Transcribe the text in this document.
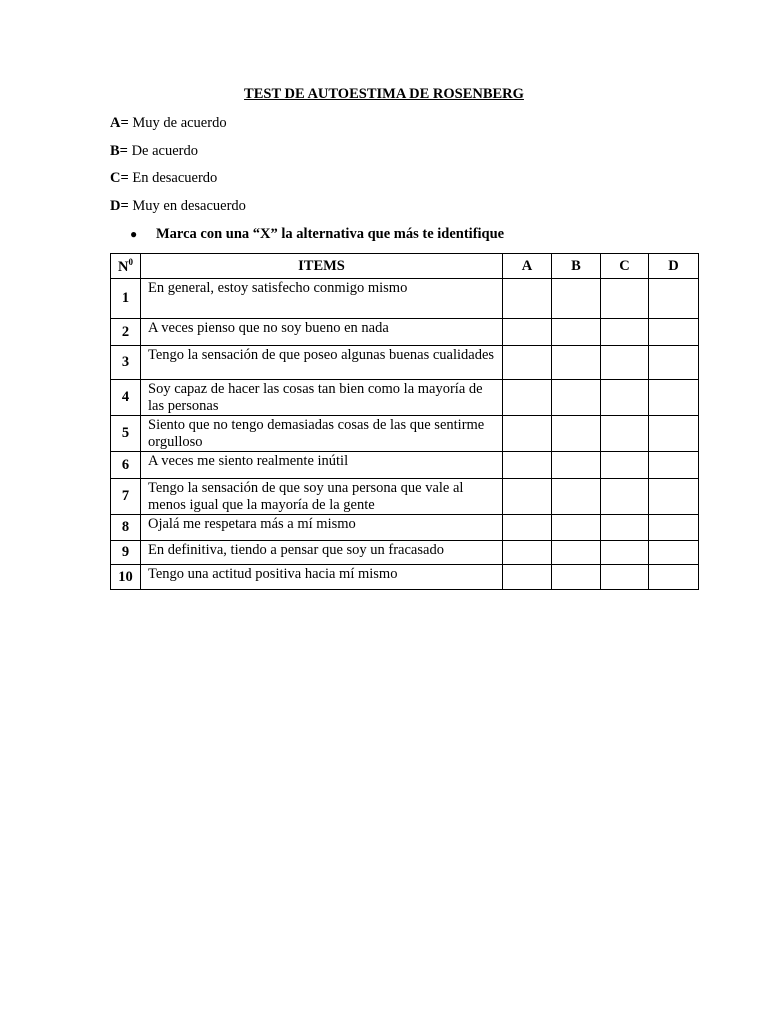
TEST DE AUTOESTIMA DE ROSENBERG
A= Muy de acuerdo
B= De acuerdo
C= En desacuerdo
D= Muy en desacuerdo
● Marca con una “X” la alternativa que más te identifique
$N^0$	ITEMS	A	B	C	D
1	En general, estoy satisfecho conmigo mismo				
2	A veces pienso que no soy bueno en nada				
3	Tengo la sensación de que poseo algunas buenas cualidades				
4	Soy capaz de hacer las cosas tan bien como la mayoría de las personas				
5	Siento que no tengo demasiadas cosas de las que sentirme orgulloso				
6	A veces me siento realmente inútil				
7	Tengo la sensación de que soy una persona que vale al menos igual que la mayoría de la gente				
8	Ojalá me respetara más a mí mismo				
9	En definitiva, tiendo a pensar que soy un fracasado				
10	Tengo una actitud positiva hacia mí mismo				
